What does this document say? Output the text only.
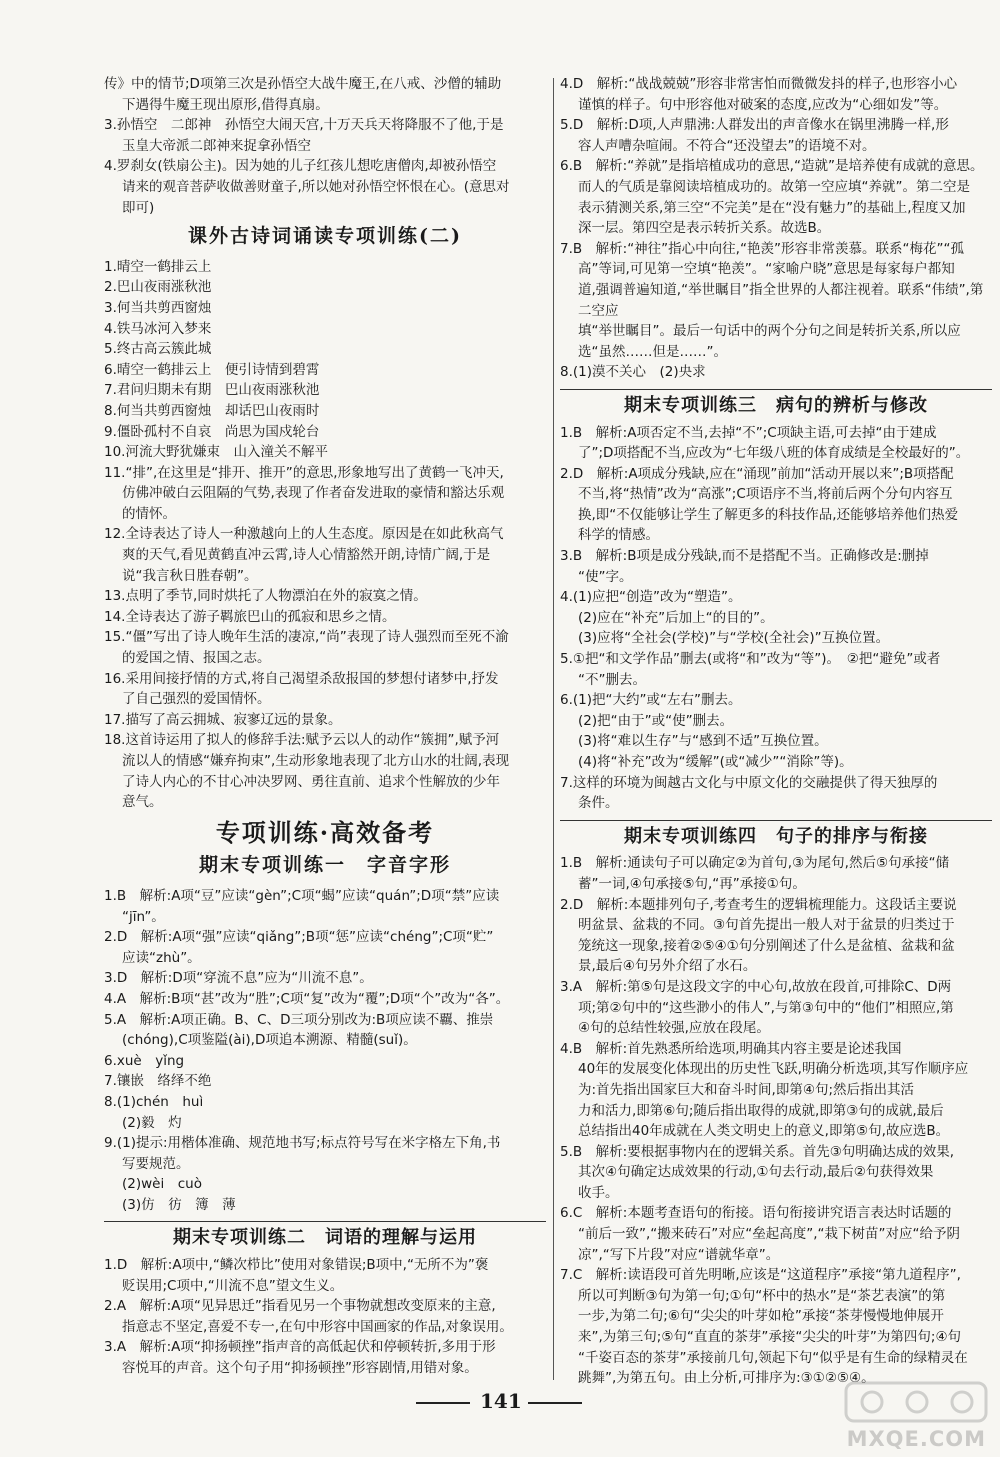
传》中的情节;D项第三次是孙悟空大战牛魔王,在八戒、沙僧的辅助

下遇得牛魔王现出原形,借得真扇。

3.孙悟空　二郎神　孙悟空大闹天宫,十万天兵天将降服不了他,于是

玉皇大帝派二郎神来捉拿孙悟空

4.罗刹女(铁扇公主)。因为她的儿子红孩儿想吃唐僧肉,却被孙悟空

请来的观音菩萨收做善财童子,所以她对孙悟空怀恨在心。(意思对

即可)

课外古诗词诵读专项训练(二)

1.晴空一鹤排云上

2.巴山夜雨涨秋池

3.何当共剪西窗烛

4.铁马冰河入梦来

5.终古高云簇此城

6.晴空一鹤排云上　便引诗情到碧霄

7.君问归期未有期　巴山夜雨涨秋池

8.何当共剪西窗烛　却话巴山夜雨时

9.僵卧孤村不自哀　尚思为国戍轮台

10.河流大野犹嫌束　山入潼关不解平

11.“排”,在这里是“排开、推开”的意思,形象地写出了黄鹤一飞冲天,

仿佛冲破白云阻隔的气势,表现了作者奋发进取的豪情和豁达乐观

的情怀。

12.全诗表达了诗人一种激越向上的人生态度。原因是在如此秋高气

爽的天气,看见黄鹤直冲云霄,诗人心情豁然开朗,诗情广阔,于是

说“我言秋日胜春朝”。

13.点明了季节,同时烘托了人物漂泊在外的寂寞之情。

14.全诗表达了游子羁旅巴山的孤寂和思乡之情。

15.“僵”写出了诗人晚年生活的凄凉,“尚”表现了诗人强烈而至死不渝

的爱国之情、报国之志。

16.采用间接抒情的方式,将自己渴望杀敌报国的梦想付诸梦中,抒发

了自己强烈的爱国情怀。

17.描写了高云拥城、寂寥辽远的景象。

18.这首诗运用了拟人的修辞手法:赋予云以人的动作“簇拥”,赋予河

流以人的情感“嫌弃拘束”,生动形象地表现了北方山水的壮阔,表现

了诗人内心的不甘心冲决罗网、勇往直前、追求个性解放的少年

意气。

专项训练·高效备考
期末专项训练一　字音字形

1.B　解析:A项“豆”应读“gèn”;C项“蝎”应读“quán”;D项“禁”应读

“jīn”。

2.D　解析:A项“强”应读“qiǎng”;B项“惩”应读“chéng”;C项“贮”

应读“zhù”。

3.D　解析:D项“穿流不息”应为“川流不息”。

4.A　解析:B项“甚”改为“胜”;C项“复”改为“覆”;D项“个”改为“各”。

5.A　解析:A项正确。B、C、D三项分别改为:B项应读不覊、推崇

(chóng),C项鉴隘(ài),D项追本溯源、精髓(suǐ)。

6.xuè　yǐng

7.镶嵌　络绎不绝

8.(1)chén　huì

(2)毅　灼

9.(1)提示:用楷体准确、规范地书写;标点符号写在米字格左下角,书

写要规范。

(2)wèi　cuò

(3)仿　彷　簿　薄

期末专项训练二　词语的理解与运用

1.D　解析:A项中,“鳞次栉比”使用对象错误;B项中,“无所不为”褒

贬误用;C项中,“川流不息”望文生义。

2.A　解析:A项“见异思迁”指看见另一个事物就想改变原来的主意,

指意志不坚定,喜爱不专一,在句中形容中国画家的作品,对象误用。

3.A　解析:A项“抑扬顿挫”指声音的高低起伏和停顿转折,多用于形

容悦耳的声音。这个句子用“抑扬顿挫”形容剧情,用错对象。

4.D　解析:“战战兢兢”形容非常害怕而微微发抖的样子,也形容小心

谨慎的样子。句中形容他对破案的态度,应改为“心细如发”等。

5.D　解析:D项,人声鼎沸:人群发出的声音像水在锅里沸腾一样,形

容人声嘈杂喧闹。不符合“还没望去”的语境不对。

6.B　解析:“养就”是指培植成功的意思,“造就”是培养使有成就的意思。

而人的气质是靠阅读培植成功的。故第一空应填“养就”。第二空是

表示猜测关系,第三空“不完美”是在“没有魅力”的基础上,程度又加

深一层。第四空是表示转折关系。故选B。

7.B　解析:“神往”指心中向往,“艳羡”形容非常羡慕。联系“梅花”“孤

高”等词,可见第一空填“艳羡”。“家喻户晓”意思是每家每户都知

道,强调普遍知道,“举世瞩目”指全世界的人都注视着。联系“伟绩”,第二空应

填“举世瞩目”。最后一句话中的两个分句之间是转折关系,所以应

选“虽然……但是……”。

8.(1)漠不关心　(2)央求

期末专项训练三　病句的辨析与修改

1.B　解析:A项否定不当,去掉“不”;C项缺主语,可去掉“由于建成

了”;D项搭配不当,应改为“七年级八班的体育成绩是全校最好的”。

2.D　解析:A项成分残缺,应在“涌现”前加“活动开展以来”;B项搭配

不当,将“热情”改为“高涨”;C项语序不当,将前后两个分句内容互

换,即“不仅能够让学生了解更多的科技作品,还能够培养他们热爱

科学的情感。

3.B　解析:B项是成分残缺,而不是搭配不当。正确修改是:删掉

“使”字。

4.(1)应把“创造”改为“塑造”。

(2)应在“补充”后加上“的目的”。

(3)应将“全社会(学校)”与“学校(全社会)”互换位置。

5.①把“和文学作品”删去(或将“和”改为“等”)。　②把“避免”或者

“不”删去。

6.(1)把“大约”或“左右”删去。

(2)把“由于”或“使”删去。

(3)将“难以生存”与“感到不适”互换位置。

(4)将“补充”改为“缓解”(或“减少”“消除”等)。

7.这样的环境为闽越古文化与中原文化的交融提供了得天独厚的

条件。

期末专项训练四　句子的排序与衔接

1.B　解析:通读句子可以确定②为首句,③为尾句,然后⑤句承接“储

蓄”一词,④句承接⑤句,“再”承接①句。

2.D　解析:本题排列句子,考查考生的逻辑梳理能力。这段话主要说

明盆景、盆栽的不同。③句首先提出一般人对于盆景的归类过于

笼统这一现象,接着②⑤④①句分别阐述了什么是盆植、盆栽和盆

景,最后④句另外介绍了水石。

3.A　解析:第⑤句是这段文字的中心句,故放在段首,可排除C、D两

项;第②句中的“这些渺小的伟人”,与第③句中的“他们”相照应,第

④句的总结性较强,应放在段尾。

4.B　解析:首先熟悉所给选项,明确其内容主要是论述我国

40年的发展变化体现出的历史性飞跃,明确分析选项,其写作顺序应

为:首先指出国家巨大和奋斗时间,即第④句;然后指出其活

力和活力,即第⑥句;随后指出取得的成就,即第③句的成就,最后

总结指出40年成就在人类文明史上的意义,即第⑤句,故应选B。

5.B　解析:要根据事物内在的逻辑关系。首先③句明确达成的效果,

其次④句确定达成效果的行动,①句去行动,最后②句获得效果

收手。

6.C　解析:本题考查语句的衔接。语句衔接讲究语言表达时话题的

“前后一致”,“搬来砖石”对应“垒起高度”,“栽下树苗”对应“给予阴

凉”,“写下片段”对应“谱就华章”。

7.C　解析:读语段可首先明晰,应该是“这道程序”承接“第九道程序”,

所以可判断③句为第一句;①句“杯中的热水”是“茶艺表演”的第

一步,为第二句;⑥句“尖尖的叶芽如枪”承接“茶芽慢慢地伸展开

来”,为第三句;⑤句“直直的茶芽”承接“尖尖的叶芽”为第四句;④句

“千姿百态的茶芽”承接前几句,领起下句“似乎是有生命的绿精灵在

跳舞”,为第五句。由上分析,可排序为:③①②⑤④。

141
MXQE.COM
